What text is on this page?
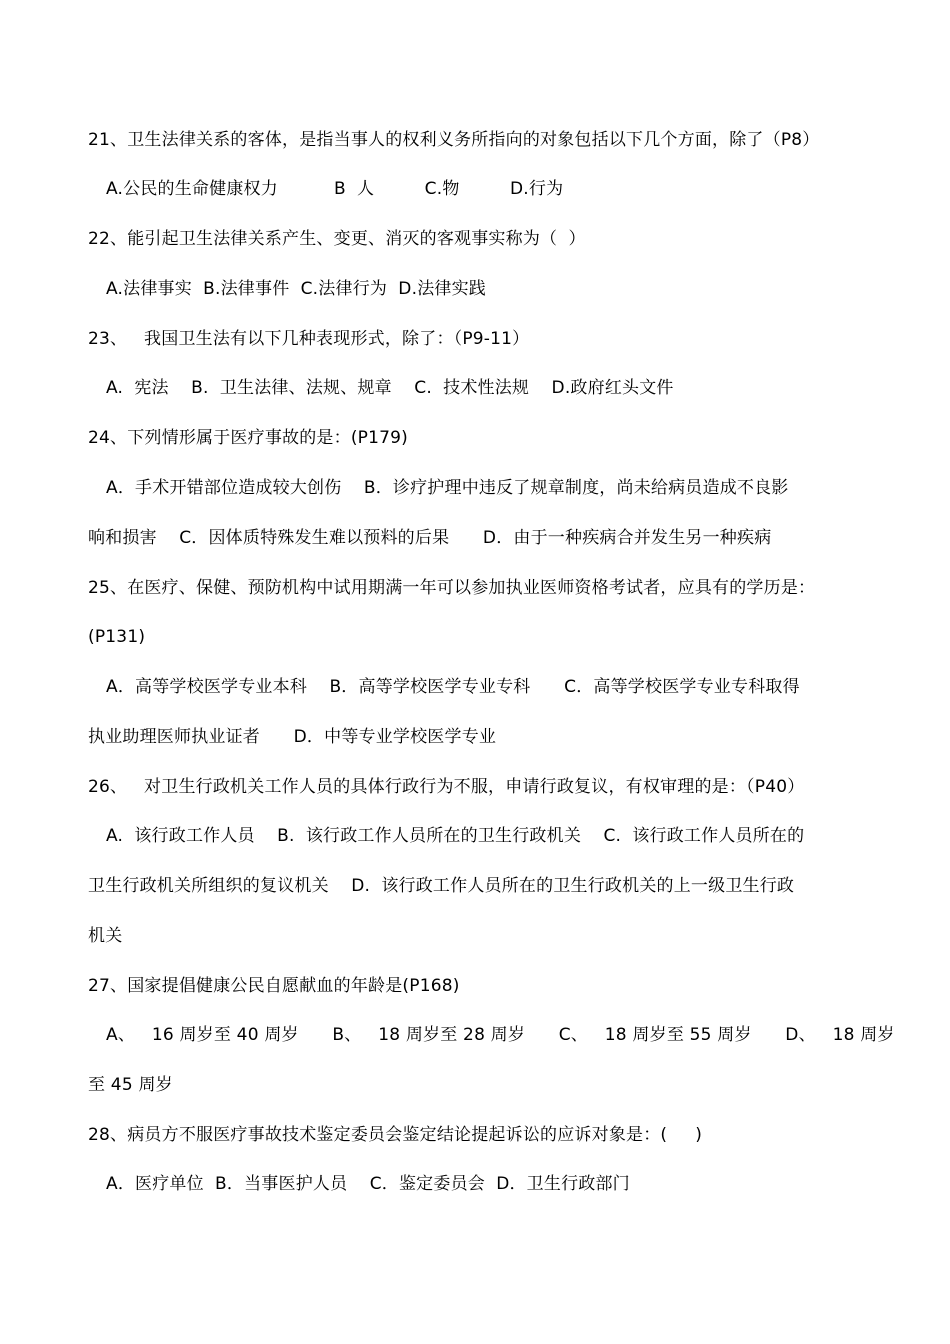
21、卫生法律关系的客体，是指当事人的权利义务所指向的对象包括以下几个方面，除了（P8）
A.公民的生命健康权力          B  人         C.物         D.行为
22、能引起卫生法律关系产生、变更、消灭的客观事实称为（  ）
A.法律事实  B.法律事件  C.法律行为  D.法律实践
23、   我国卫生法有以下几种表现形式，除了：（P9-11）
A.  宪法    B.  卫生法律、法规、规章    C.  技术性法规    D.政府红头文件
24、下列情形属于医疗事故的是：(P179)
A．手术开错部位造成较大创伤    B．诊疗护理中违反了规章制度，尚未给病员造成不良影
响和损害    C．因体质特殊发生难以预料的后果      D．由于一种疾病合并发生另一种疾病
25、在医疗、保健、预防机构中试用期满一年可以参加执业医师资格考试者，应具有的学历是：
(P131)
A．高等学校医学专业本科    B．高等学校医学专业专科      C．高等学校医学专业专科取得
执业助理医师执业证者      D．中等专业学校医学专业
26、   对卫生行政机关工作人员的具体行政行为不服，申请行政复议，有权审理的是：（P40）
A.  该行政工作人员    B.  该行政工作人员所在的卫生行政机关    C.  该行政工作人员所在的
卫生行政机关所组织的复议机关    D.  该行政工作人员所在的卫生行政机关的上一级卫生行政
机关
27、国家提倡健康公民自愿献血的年龄是(P168)
A、   16 周岁至 40 周岁      B、   18 周岁至 28 周岁      C、   18 周岁至 55 周岁      D、   18 周岁
至 45 周岁
28、病员方不服医疗事故技术鉴定委员会鉴定结论提起诉讼的应诉对象是：(     )
A．医疗单位  B．当事医护人员    C．鉴定委员会  D．卫生行政部门
